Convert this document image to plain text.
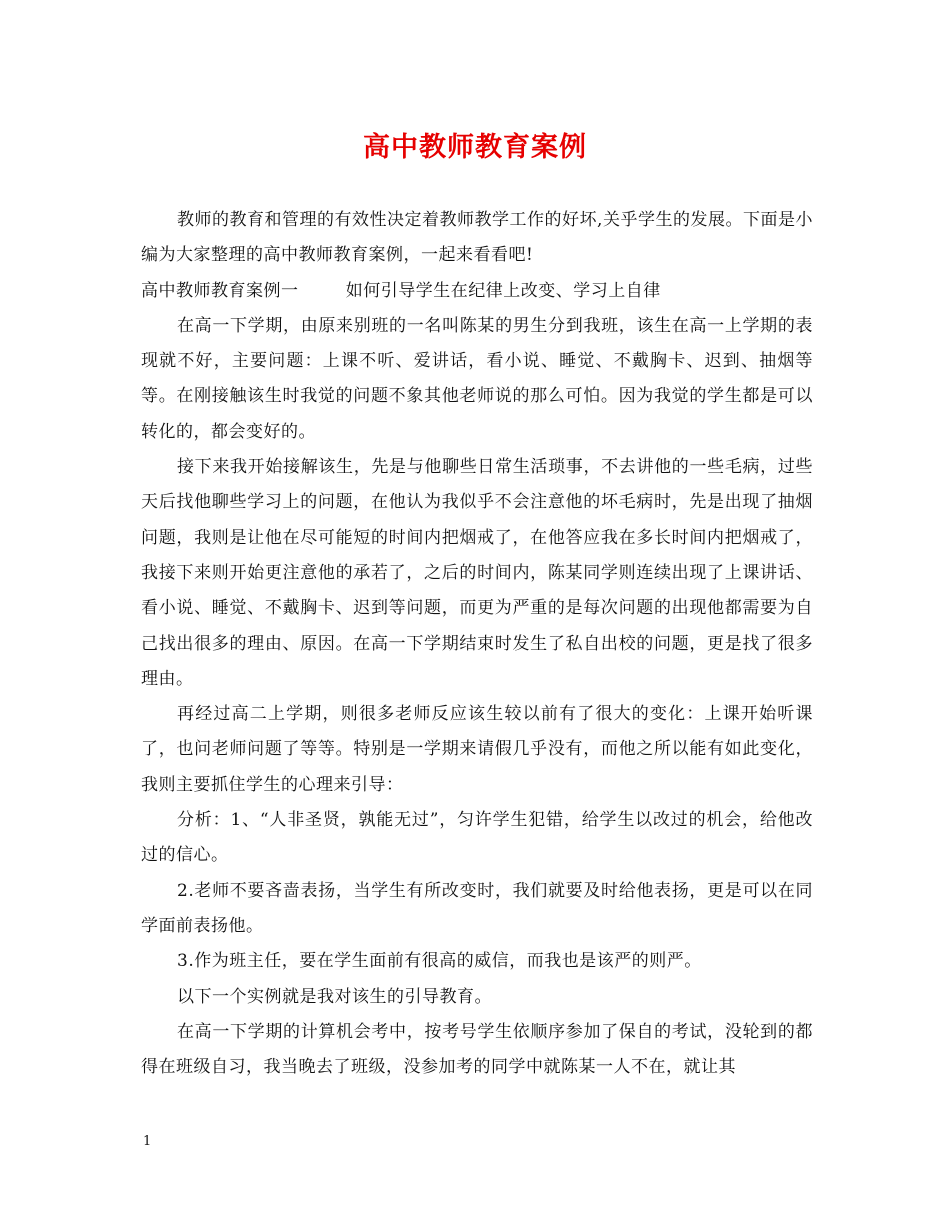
高中教师教育案例

教师的教育和管理的有效性决定着教师教学工作的好坏,关乎学生的发展。下面是小编为大家整理的高中教师教育案例，一起来看看吧!

高中教师教育案例一        如何引导学生在纪律上改变、学习上自律

在高一下学期，由原来别班的一名叫陈某的男生分到我班，该生在高一上学期的表现就不好，主要问题：上课不听、爱讲话，看小说、睡觉、不戴胸卡、迟到、抽烟等等。在刚接触该生时我觉的问题不象其他老师说的那么可怕。因为我觉的学生都是可以转化的，都会变好的。

接下来我开始接解该生，先是与他聊些日常生活琐事，不去讲他的一些毛病，过些天后找他聊些学习上的问题，在他认为我似乎不会注意他的坏毛病时，先是出现了抽烟问题，我则是让他在尽可能短的时间内把烟戒了，在他答应我在多长时间内把烟戒了，我接下来则开始更注意他的承若了，之后的时间内，陈某同学则连续出现了上课讲话、看小说、睡觉、不戴胸卡、迟到等问题，而更为严重的是每次问题的出现他都需要为自己找出很多的理由、原因。在高一下学期结束时发生了私自出校的问题，更是找了很多理由。

再经过高二上学期，则很多老师反应该生较以前有了很大的变化：上课开始听课了，也问老师问题了等等。特别是一学期来请假几乎没有，而他之所以能有如此变化，我则主要抓住学生的心理来引导：

分析：1、“人非圣贤，孰能无过”，匀许学生犯错，给学生以改过的机会，给他改过的信心。

2.老师不要吝啬表扬，当学生有所改变时，我们就要及时给他表扬，更是可以在同学面前表扬他。

3.作为班主任，要在学生面前有很高的威信，而我也是该严的则严。

以下一个实例就是我对该生的引导教育。

在高一下学期的计算机会考中，按考号学生依顺序参加了保自的考试，没轮到的都得在班级自习，我当晚去了班级，没参加考的同学中就陈某一人不在，就让其

1
